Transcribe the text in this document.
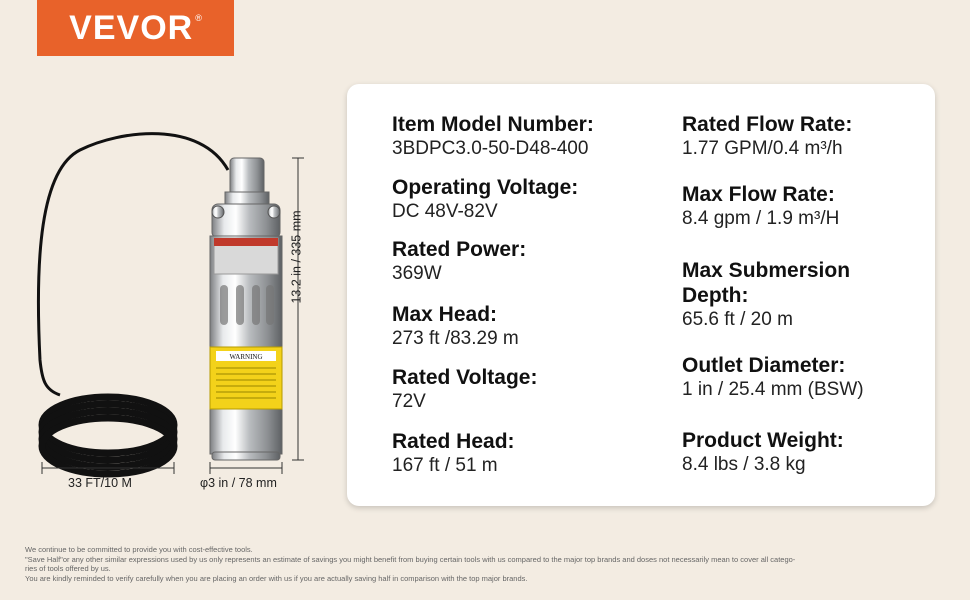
VEVOR®
WARNING
33 FT/10 M	φ3 in / 78 mm
13.2 in / 335 mm
Item Model Number:
3BDPC3.0-50-D48-400
Operating Voltage:
DC 48V-82V
Rated Power:
369W
Max Head:
273 ft /83.29 m
Rated Voltage:
72V
Rated Head:
167 ft / 51 m
Rated Flow Rate:
1.77 GPM/0.4 m³/h
Max Flow Rate:
8.4 gpm / 1.9 m³/H
Max Submersion Depth:
65.6 ft / 20 m
Outlet Diameter:
1 in / 25.4 mm (BSW)
Product Weight:
8.4 lbs / 3.8 kg
We continue to be committed to provide you with cost-effective tools.
"Save Half"or any other similar expressions used by us only represents an estimate of savings you might benefit from buying certain tools with us compared to the major top brands and doses not necessarily mean to cover all catego-
ries of tools offered by us.
You are kindly reminded to verify carefully when you are placing an order with us if you are actually saving half in comparison with the top major brands.
